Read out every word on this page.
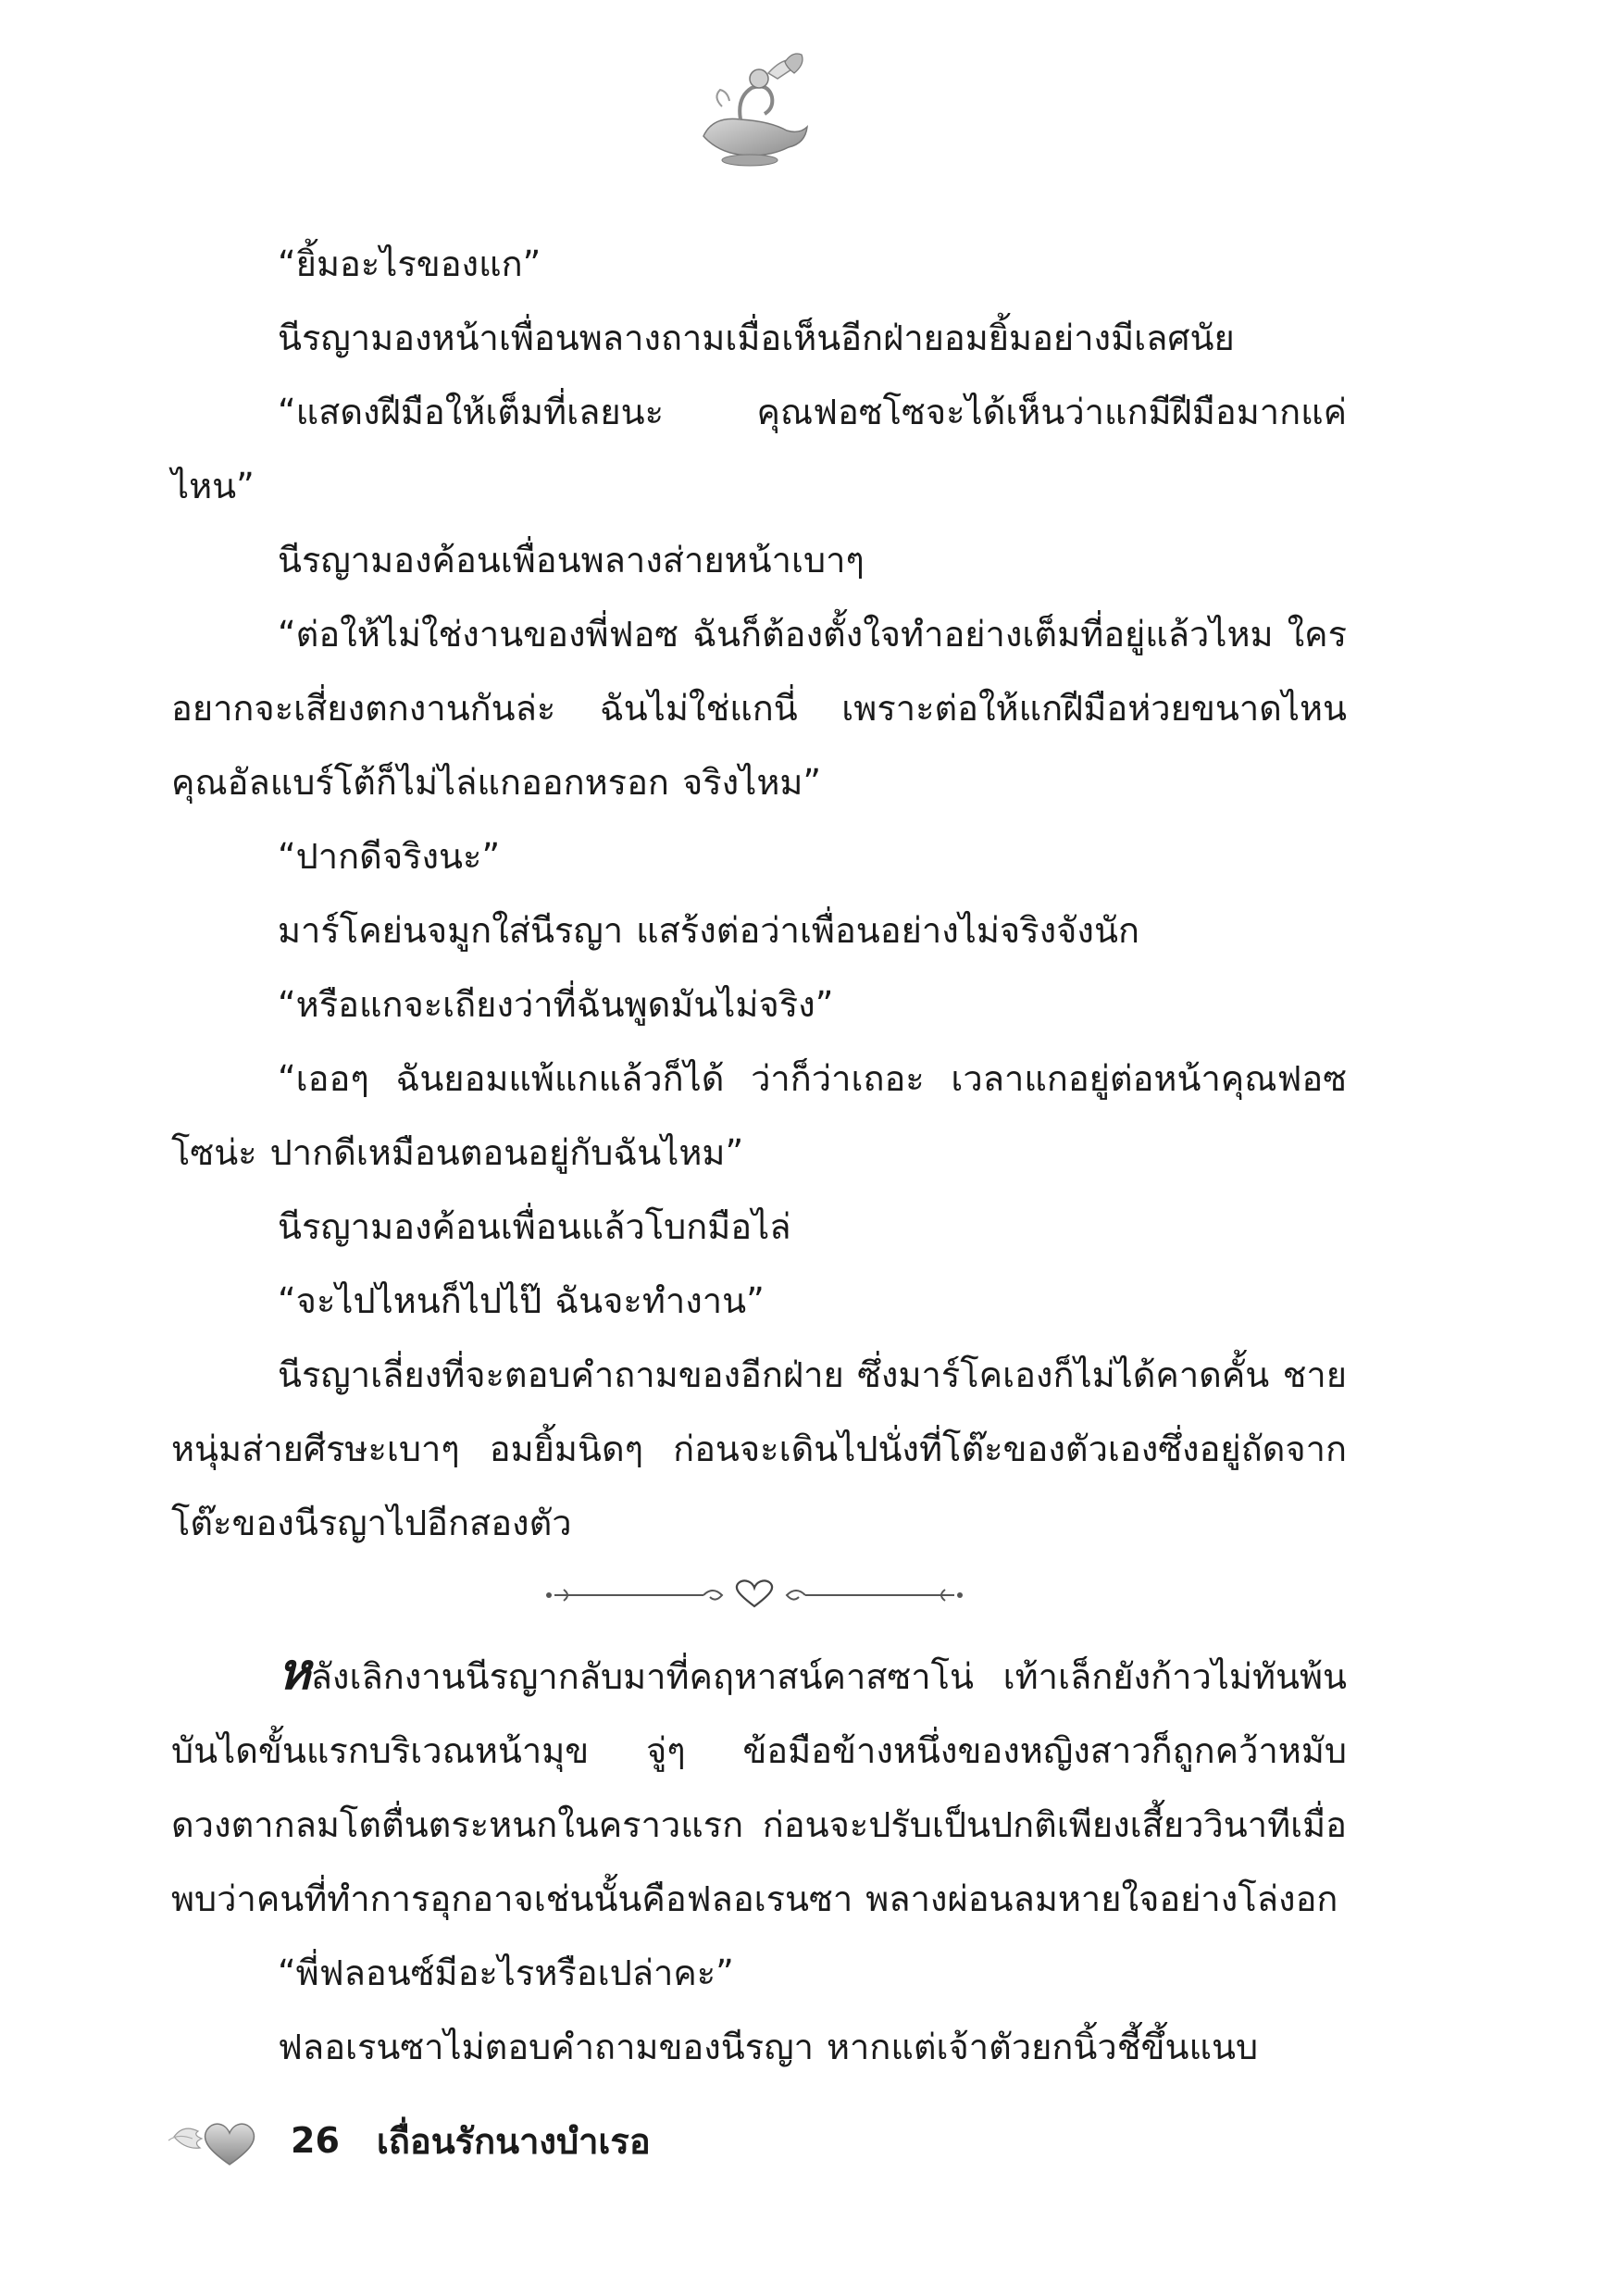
“ยิ้มอะไรของแก”

นีรญามองหน้าเพื่อนพลางถามเมื่อเห็นอีกฝ่ายอมยิ้มอย่างมีเลศนัย

“แสดงฝีมือให้เต็มที่เลยนะ คุณฟอซโซจะได้เห็นว่าแกมีฝีมือมากแค่ไหน”

นีรญามองค้อนเพื่อนพลางส่ายหน้าเบาๆ

“ต่อให้ไม่ใช่งานของพี่ฟอซ ฉันก็ต้องตั้งใจทำอย่างเต็มที่อยู่แล้วไหม ใครอยากจะเสี่ยงตกงานกันล่ะ ฉันไม่ใช่แกนี่ เพราะต่อให้แกฝีมือห่วยขนาดไหน คุณอัลแบร์โต้ก็ไม่ไล่แกออกหรอก จริงไหม”

“ปากดีจริงนะ”

มาร์โคย่นจมูกใส่นีรญา แสร้งต่อว่าเพื่อนอย่างไม่จริงจังนัก

“หรือแกจะเถียงว่าที่ฉันพูดมันไม่จริง”

“เออๆ ฉันยอมแพ้แกแล้วก็ได้ ว่าก็ว่าเถอะ เวลาแกอยู่ต่อหน้าคุณฟอซโซน่ะ ปากดีเหมือนตอนอยู่กับฉันไหม”

นีรญามองค้อนเพื่อนแล้วโบกมือไล่

“จะไปไหนก็ไปไป๊ ฉันจะทำงาน”

นีรญาเลี่ยงที่จะตอบคำถามของอีกฝ่าย ซึ่งมาร์โคเองก็ไม่ได้คาดคั้น ชายหนุ่มส่ายศีรษะเบาๆ อมยิ้มนิดๆ ก่อนจะเดินไปนั่งที่โต๊ะของตัวเองซึ่งอยู่ถัดจากโต๊ะของนีรญาไปอีกสองตัว

หลังเลิกงานนีรญากลับมาที่คฤหาสน์คาสซาโน่ เท้าเล็กยังก้าวไม่ทันพ้นบันไดขั้นแรกบริเวณหน้ามุข จู่ๆ ข้อมือข้างหนึ่งของหญิงสาวก็ถูกคว้าหมับ ดวงตากลมโตตื่นตระหนกในคราวแรก ก่อนจะปรับเป็นปกติเพียงเสี้ยววินาทีเมื่อพบว่าคนที่ทำการอุกอาจเช่นนั้นคือฟลอเรนซา พลางผ่อนลมหายใจอย่างโล่งอก

“พี่ฟลอนซ์มีอะไรหรือเปล่าคะ”

ฟลอเรนซาไม่ตอบคำถามของนีรญา หากแต่เจ้าตัวยกนิ้วชี้ขึ้นแนบ

26 เถื่อนรักนางบำเรอ
